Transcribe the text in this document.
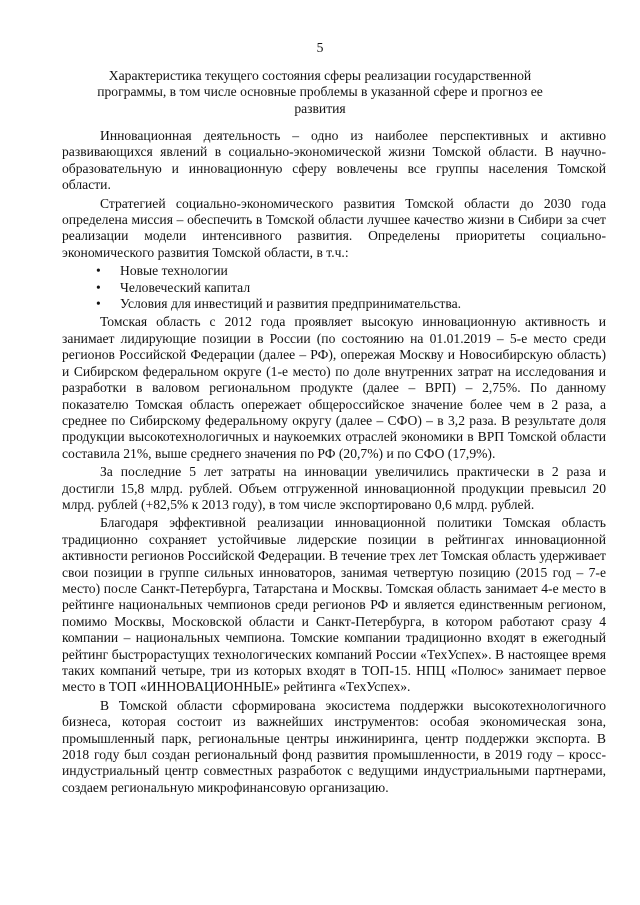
5
Характеристика текущего состояния сферы реализации государственной программы, в том числе основные проблемы в указанной сфере и прогноз ее развития

Инновационная деятельность – одно из наиболее перспективных и активно развивающихся явлений в социально-экономической жизни Томской области. В научно-образовательную и инновационную сферу вовлечены все группы населения Томской области.

Стратегией социально-экономического развития Томской области до 2030 года определена миссия – обеспечить в Томской области лучшее качество жизни в Сибири за счет реализации модели интенсивного развития. Определены приоритеты социально-экономического развития Томской области, в т.ч.:

• Новые технологии
• Человеческий капитал
• Условия для инвестиций и развития предпринимательства.

Томская область с 2012 года проявляет высокую инновационную активность и занимает лидирующие позиции в России (по состоянию на 01.01.2019 – 5-е место среди регионов Российской Федерации (далее – РФ), опережая Москву и Новосибирскую область) и Сибирском федеральном округе (1-е место) по доле внутренних затрат на исследования и разработки в валовом региональном продукте (далее – ВРП) – 2,75%. По данному показателю Томская область опережает общероссийское значение более чем в 2 раза, а среднее по Сибирскому федеральному округу (далее – СФО) – в 3,2 раза. В результате доля продукции высокотехнологичных и наукоемких отраслей экономики в ВРП Томской области составила 21%, выше среднего значения по РФ (20,7%) и по СФО (17,9%).

За последние 5 лет затраты на инновации увеличились практически в 2 раза и достигли 15,8 млрд. рублей. Объем отгруженной инновационной продукции превысил 20 млрд. рублей (+82,5% к 2013 году), в том числе экспортировано 0,6 млрд. рублей.

Благодаря эффективной реализации инновационной политики Томская область традиционно сохраняет устойчивые лидерские позиции в рейтингах инновационной активности регионов Российской Федерации. В течение трех лет Томская область удерживает свои позиции в группе сильных инноваторов, занимая четвертую позицию (2015 год – 7-е место) после Санкт-Петербурга, Татарстана и Москвы. Томская область занимает 4-е место в рейтинге национальных чемпионов среди регионов РФ и является единственным регионом, помимо Москвы, Московской области и Санкт-Петербурга, в котором работают сразу 4 компании – национальных чемпиона. Томские компании традиционно входят в ежегодный рейтинг быстрорастущих технологических компаний России «ТехУспех». В настоящее время таких компаний четыре, три из которых входят в ТОП-15. НПЦ «Полюс» занимает первое место в ТОП «ИННОВАЦИОННЫЕ» рейтинга «ТехУспех».

В Томской области сформирована экосистема поддержки высокотехнологичного бизнеса, которая состоит из важнейших инструментов: особая экономическая зона, промышленный парк, региональные центры инжиниринга, центр поддержки экспорта. В 2018 году был создан региональный фонд развития промышленности, в 2019 году – кросс-индустриальный центр совместных разработок с ведущими индустриальными партнерами, создаем региональную микрофинансовую организацию.
